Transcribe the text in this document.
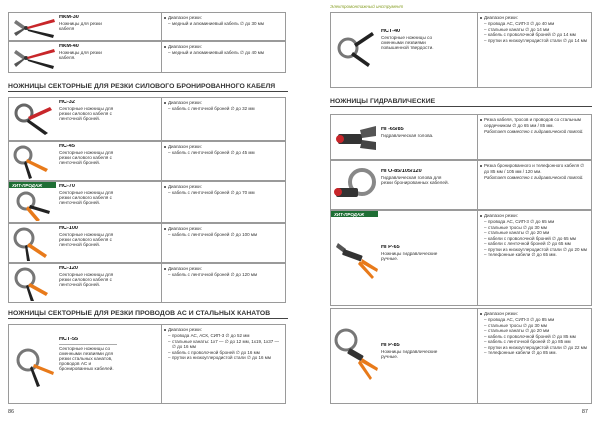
НКМ-30
Ножницы для резки кабеля
Диапазон резки:
– медный и алюминиевый кабель ∅ до 30 мм
НКМ-40
Ножницы для резки кабеля.
Диапазон резки:
– медный и алюминиевый кабель ∅ до 40 мм
НОЖНИЦЫ СЕКТОРНЫЕ ДЛЯ РЕЗКИ СИЛОВОГО БРОНИРОВАННОГО КАБЕЛЯ
НС-32
Секторные ножницы для резки силового кабеля с ленточной броней.
Диапазон резки:
– кабель с ленточной броней ∅ до 32 мм
НС-45
Секторные ножницы для резки силового кабеля с ленточной броней.
Диапазон резки:
– кабель с ленточной броней ∅ до 45 мм
ХИТ-ПРОДАЖ	НС-70
Секторные ножницы для резки силового кабеля с ленточной броней.
Диапазон резки:
– кабель с ленточной броней ∅ до 70 мм
НС-100
Секторные ножницы для резки силового кабеля с ленточной броней.
Диапазон резки:
– кабель с ленточной броней ∅ до 100 мм
НС-120
Секторные ножницы для резки силового кабеля с ленточной броней.
Диапазон резки:
– кабель с ленточной броней ∅ до 120 мм
НОЖНИЦЫ СЕКТОРНЫЕ ДЛЯ РЕЗКИ ПРОВОДОВ АС И СТАЛЬНЫХ КАНАТОВ
НСТ-55
Секторные ножницы со сменными лезвиями для резки стальных канатов, проводов АС и бронированных кабелей.
Диапазон резки:
– провода АС, АСК, СИП-3 ∅ до 52 мм
– стальные канаты: 1х7 — ∅ до 12 мм, 1х19, 1х37 — ∅ до 16 мм
– кабель с проволочной броней ∅ до 16 мм
– прутки из низкоуглеродистой стали ∅ до 16 мм
86
Электромонтажный инструмент
НСТ-40
Секторные ножницы со сменными лезвиями повышенной твердости.
Диапазон резки:
– провода АС, СИП-3 ∅ до 40 мм
– стальные канаты ∅ до 14 мм
– кабель с проволочной броней ∅ до 14 мм
– прутки из низкоуглеродистой стали ∅ до 14 мм
НОЖНИЦЫ ГИДРАВЛИЧЕСКИЕ
НГ-65/85
Гидравлическая голова.
Резка кабеля, тросов и проводов со стальным сердечником ∅ до 65 мм / 85 мм.
Работает совместно с гидравлической помпой.
НГО-85/105/120
Гидравлическая голова для резки бронированных кабелей.
Резка бронированного и телефонного кабеля ∅ до 85 мм / 105 мм / 120 мм.
Работает совместно с гидравлической помпой.
ХИТ-ПРОДАЖ
НГР-65
Ножницы гидравлические ручные.
Диапазон резки:
– провода АС, СИП-3 ∅ до 65 мм
– стальные тросы ∅ до 30 мм
– стальные канаты ∅ до 20 мм
– кабели с проволочной броней ∅ до 65 мм
– кабели с ленточной броней ∅ до 65 мм
– прутки из низкоуглеродистой стали ∅ до 20 мм
– телефонные кабели ∅ до 65 мм.
НГР-85
Ножницы гидравлические ручные.
Диапазон резки:
– провода АС, СИП-3 ∅ до 85 мм
– стальные тросы ∅ до 30 мм
– стальные канаты ∅ до 20 мм
– кабель с проволочной броней ∅ до 85 мм
– кабель с ленточной броней ∅ до 85 мм
– прутки из низкоуглеродистой стали ∅ до 22 мм
– телефонные кабели ∅ до 85 мм.
87
